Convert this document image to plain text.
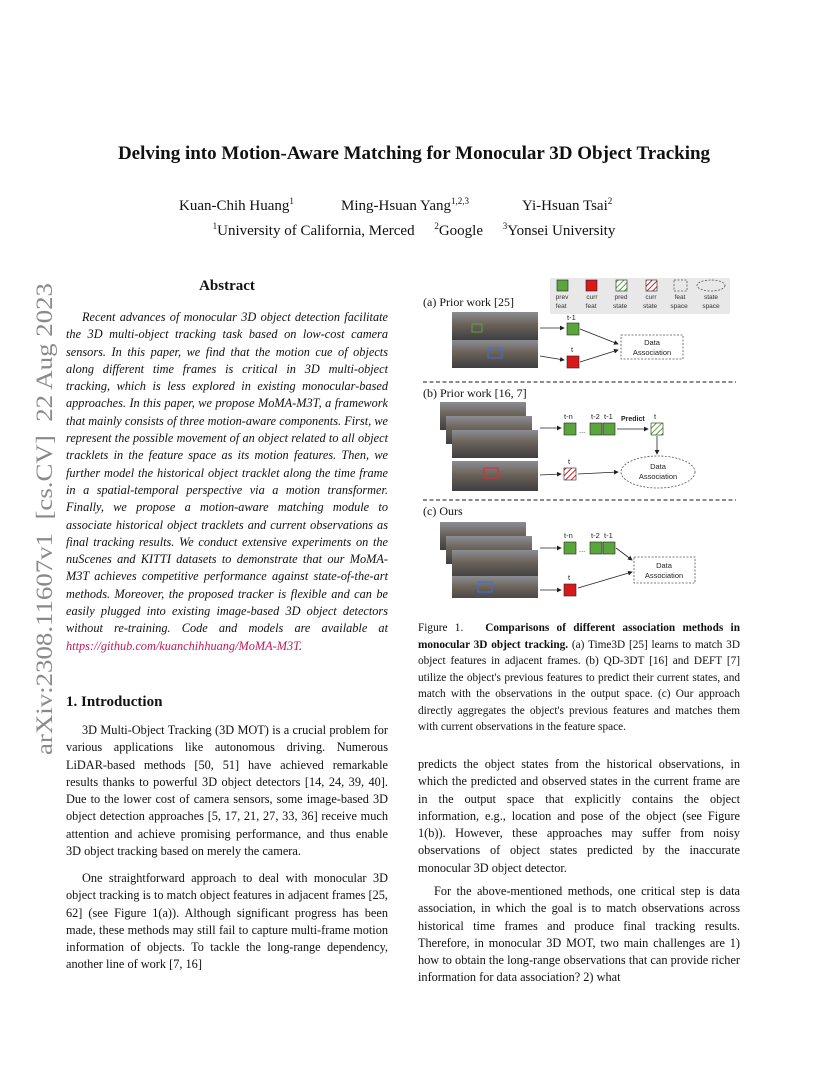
Delving into Motion-Aware Matching for Monocular 3D Object Tracking
Kuan-Chih Huang$^1$	Ming-Hsuan Yang$^{1,2,3}$	Yi-Hsuan Tsai$^2$
$^1$University of California, Merced $^2$Google $^3$Yonsei University
arXiv:2308.11607v1  [cs.CV]  22 Aug 2023
Abstract
Recent advances of monocular 3D object detection facilitate the 3D multi-object tracking task based on low-cost camera sensors. In this paper, we find that the motion cue of objects along different time frames is critical in 3D multi-object tracking, which is less explored in existing monocular-based approaches. In this paper, we propose MoMA-M3T, a framework that mainly consists of three motion-aware components. First, we represent the possible movement of an object related to all object tracklets in the feature space as its motion features. Then, we further model the historical object tracklet along the time frame in a spatial-temporal perspective via a motion transformer. Finally, we propose a motion-aware matching module to associate historical object tracklets and current observations as final tracking results. We conduct extensive experiments on the nuScenes and KITTI datasets to demonstrate that our MoMA-M3T achieves competitive performance against state-of-the-art methods. Moreover, the proposed tracker is flexible and can be easily plugged into existing image-based 3D object detectors without re-training. Code and models are available at https://github.com/kuanchihhuang/MoMA-M3T.
1. Introduction
3D Multi-Object Tracking (3D MOT) is a crucial problem for various applications like autonomous driving. Numerous LiDAR-based methods [50, 51] have achieved remarkable results thanks to powerful 3D object detectors [14, 24, 39, 40]. Due to the lower cost of camera sensors, some image-based 3D object detection approaches [5, 17, 21, 27, 33, 36] receive much attention and achieve promising performance, and thus enable 3D object tracking based on merely the camera.
One straightforward approach to deal with monocular 3D object tracking is to match object features in adjacent frames [25, 62] (see Figure 1(a)). Although significant progress has been made, these methods may still fail to capture multi-frame motion information of objects. To tackle the long-range dependency, another line of work [7, 16]
prev feat curr feat pred state curr state feat space state space
(a) Prior work [25]
t-1
t
Data Association
(b) Prior work [16, 7]
t-n
...
t-2 t-1 Predict t
t
Data Association
(c) Ours
t-n
...
t-2 t-1
t
Data Association
Figure 1. Comparisons of different association methods in monocular 3D object tracking. (a) Time3D [25] learns to match 3D object features in adjacent frames. (b) QD-3DT [16] and DEFT [7] utilize the object's previous features to predict their current states, and match with the observations in the output space. (c) Our approach directly aggregates the object's previous features and matches them with current observations in the feature space.
predicts the object states from the historical observations, in which the predicted and observed states in the current frame are in the output space that explicitly contains the object information, e.g., location and pose of the object (see Figure 1(b)). However, these approaches may suffer from noisy observations of object states predicted by the inaccurate monocular 3D object detector.
For the above-mentioned methods, one critical step is data association, in which the goal is to match observations across historical time frames and produce final tracking results. Therefore, in monocular 3D MOT, two main challenges are 1) how to obtain the long-range observations that can provide richer information for data association? 2) what
